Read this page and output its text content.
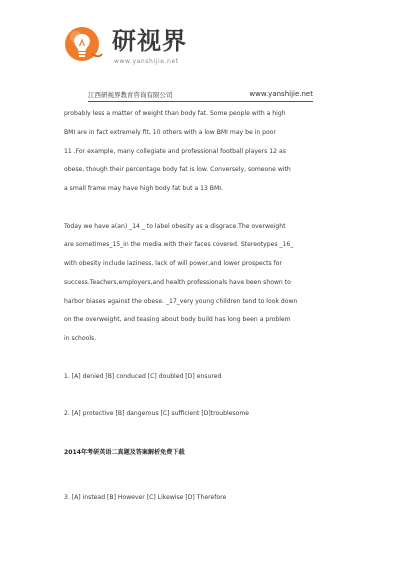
研视界
www.yanshijie.net
江西研视界教育咨询有限公司	www.yanshijie.net
probably less a matter of weight than body fat. Some people with a high
BMI are in fact extremely fit, 10 others with a low BMI may be in poor
11 .For example, many collegiate and professional football players 12 as
obese, though their percentage body fat is low. Conversely, someone with
a small frame may have high body fat but a 13 BMI.
Today we have a(an) _14 _ to label obesity as a disgrace.The overweight
are sometimes_15_in the media with their faces covered. Stereotypes _16_
with obesity include laziness, lack of will power,and lower prospects for
success.Teachers,employers,and health professionals have been shown to
harbor biases against the obese. _17_very young children tend to look down
on the overweight, and teasing about body build has long been a problem
in schools.
1. [A] denied [B] conduced [C] doubled [D] ensured
2. [A] protective [B] dangerous [C] sufficient [D]troublesome
2014年考研英语二真题及答案解析免费下载
3. [A] instead [B] However [C] Likewise [D] Therefore
